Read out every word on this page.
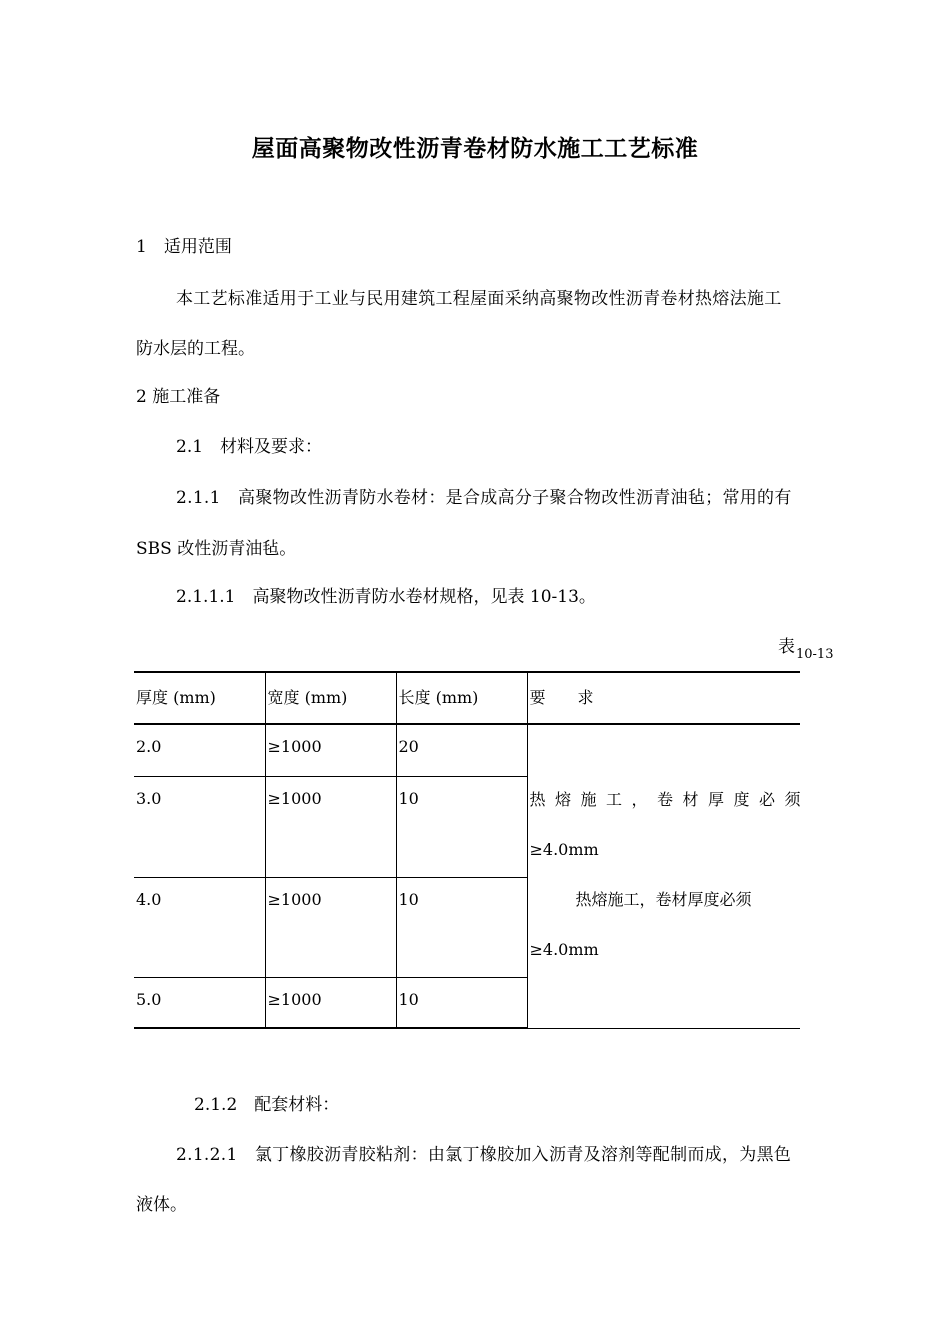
屋面高聚物改性沥青卷材防水施工工艺标准
1　适用范围
本工艺标准适用于工业与民用建筑工程屋面采纳高聚物改性沥青卷材热熔法施工
防水层的工程。
2 施工准备
2.1　材料及要求：
2.1.1　高聚物改性沥青防水卷材：是合成高分子聚合物改性沥青油毡；常用的有
SBS 改性沥青油毡。
2.1.1.1　高聚物改性沥青防水卷材规格，见表 10-13。
表$_{10-13}$
厚度 (mm)	宽度 (mm)	长度 (mm)	要　　求
2.0	≥1000	20	热熔施工，卷材厚度必须
≥4.0mm
热熔施工，卷材厚度必须
≥4.0mm

3.0	≥1000	10	
4.0	≥1000	10	
5.0	≥1000	10	
2.1.2　配套材料：
2.1.2.1　氯丁橡胶沥青胶粘剂：由氯丁橡胶加入沥青及溶剂等配制而成，为黑色
液体。
